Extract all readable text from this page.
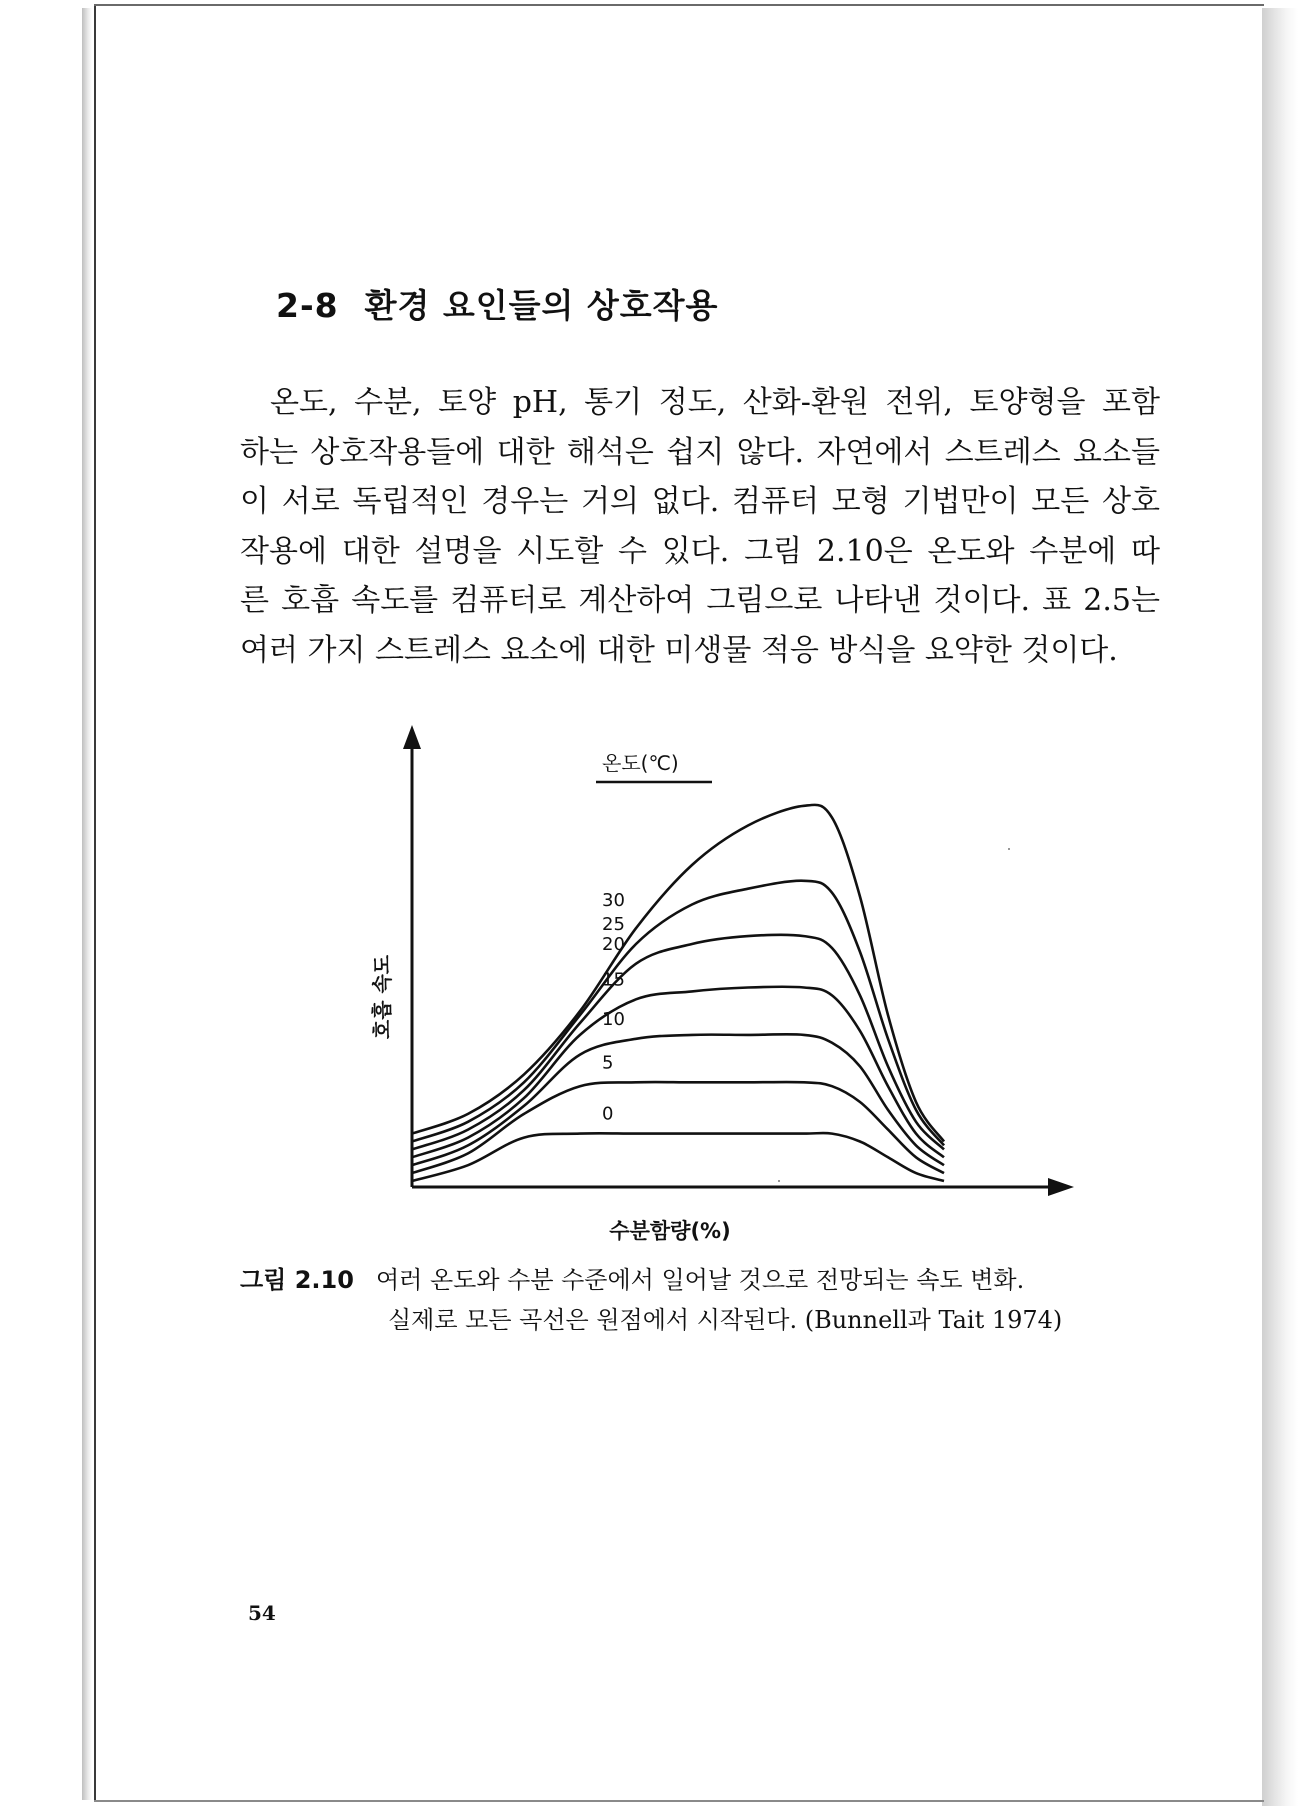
2-8 환경 요인들의 상호작용
온도, 수분, 토양 pH, 통기 정도, 산화-환원 전위, 토양형을 포함
하는 상호작용들에 대한 해석은 쉽지 않다. 자연에서 스트레스 요소들
이 서로 독립적인 경우는 거의 없다. 컴퓨터 모형 기법만이 모든 상호
작용에 대한 설명을 시도할 수 있다. 그림 2.10은 온도와 수분에 따
른 호흡 속도를 컴퓨터로 계산하여 그림으로 나타낸 것이다. 표 2.5는
여러 가지 스트레스 요소에 대한 미생물 적응 방식을 요약한 것이다.
30
25
20
15
10
5
0
온도(℃)
호흡 속도
수분함량(%)
그림 2.10 여러 온도와 수분 수준에서 일어날 것으로 전망되는 속도 변화.
실제로 모든 곡선은 원점에서 시작된다. (Bunnell과 Tait 1974)
54
